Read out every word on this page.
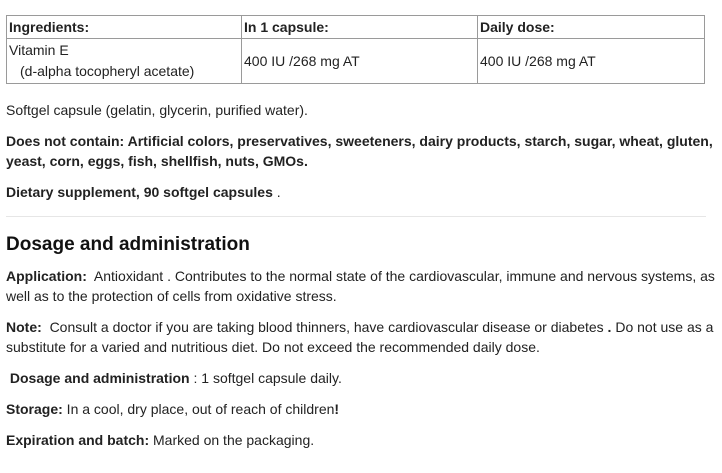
Ingredients:	In 1 capsule:	Daily dose:
Vitamin E
(d-alpha tocopheryl acetate)	400 IU /268 mg AT	400 IU /268 mg AT

Softgel capsule (gelatin, glycerin, purified water).

Does not contain: Artificial colors, preservatives, sweeteners, dairy products, starch, sugar, wheat, gluten, yeast, corn, eggs, fish, shellfish, nuts, GMOs.

Dietary supplement, 90 softgel capsules .

Dosage and administration

Application: Antioxidant . Contributes to the normal state of the cardiovascular, immune and nervous systems, as well as to the protection of cells from oxidative stress.

Note: Consult a doctor if you are taking blood thinners, have cardiovascular disease or diabetes . Do not use as a substitute for a varied and nutritious diet. Do not exceed the recommended daily dose.

Dosage and administration : 1 softgel capsule daily.

Storage: In a cool, dry place, out of reach of children!

Expiration and batch: Marked on the packaging.
